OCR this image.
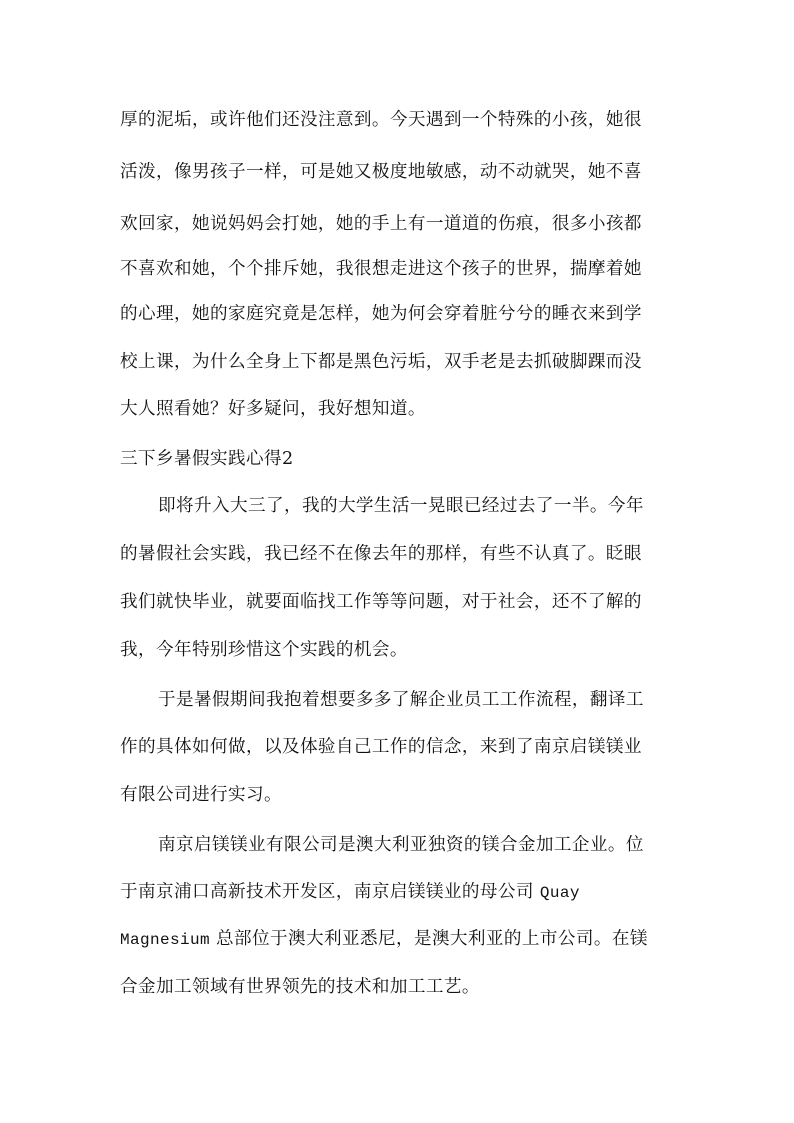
厚的泥垢，或许他们还没注意到。今天遇到一个特殊的小孩，她很
活泼，像男孩子一样，可是她又极度地敏感，动不动就哭，她不喜
欢回家，她说妈妈会打她，她的手上有一道道的伤痕，很多小孩都
不喜欢和她，个个排斥她，我很想走进这个孩子的世界，揣摩着她
的心理，她的家庭究竟是怎样，她为何会穿着脏兮兮的睡衣来到学
校上课，为什么全身上下都是黑色污垢，双手老是去抓破脚踝而没
大人照看她？好多疑问，我好想知道。
三下乡暑假实践心得2
即将升入大三了，我的大学生活一晃眼已经过去了一半。今年
的暑假社会实践，我已经不在像去年的那样，有些不认真了。眨眼
我们就快毕业，就要面临找工作等等问题，对于社会，还不了解的
我，今年特别珍惜这个实践的机会。
于是暑假期间我抱着想要多多了解企业员工工作流程，翻译工
作的具体如何做，以及体验自己工作的信念，来到了南京启镁镁业
有限公司进行实习。
南京启镁镁业有限公司是澳大利亚独资的镁合金加工企业。位
于南京浦口高新技术开发区，南京启镁镁业的母公司 Quay
Magnesium 总部位于澳大利亚悉尼，是澳大利亚的上市公司。在镁
合金加工领域有世界领先的技术和加工工艺。
